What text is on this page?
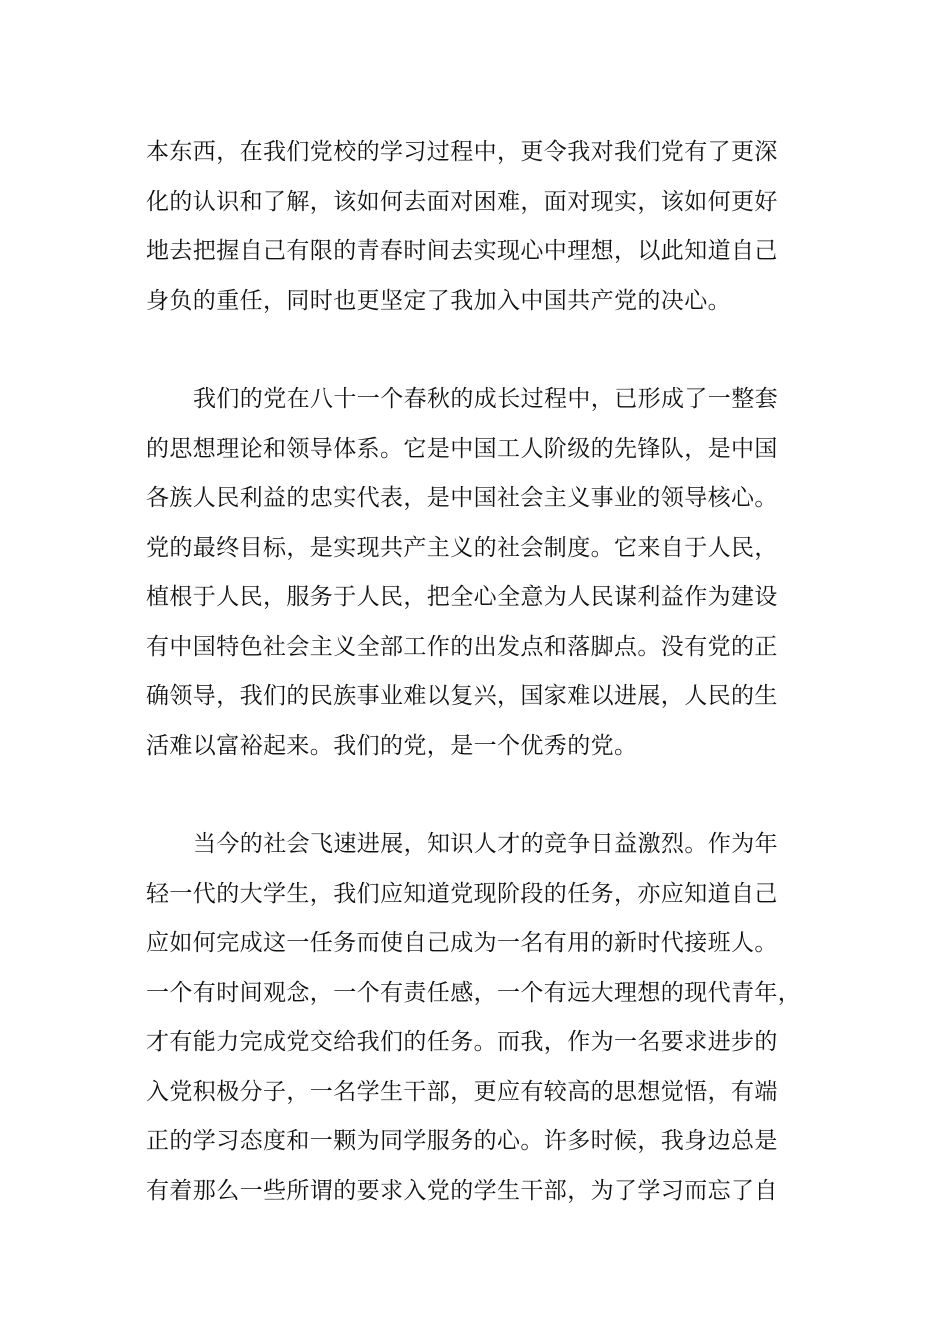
本东西，在我们党校的学习过程中，更令我对我们党有了更深
化的认识和了解，该如何去面对困难，面对现实，该如何更好
地去把握自己有限的青春时间去实现心中理想，以此知道自己
身负的重任，同时也更坚定了我加入中国共产党的决心。
我们的党在八十一个春秋的成长过程中，已形成了一整套
的思想理论和领导体系。它是中国工人阶级的先锋队，是中国
各族人民利益的忠实代表，是中国社会主义事业的领导核心。
党的最终目标，是实现共产主义的社会制度。它来自于人民，
植根于人民，服务于人民，把全心全意为人民谋利益作为建设
有中国特色社会主义全部工作的出发点和落脚点。没有党的正
确领导，我们的民族事业难以复兴，国家难以进展，人民的生
活难以富裕起来。我们的党，是一个优秀的党。
当今的社会飞速进展，知识人才的竞争日益激烈。作为年
轻一代的大学生，我们应知道党现阶段的任务，亦应知道自己
应如何完成这一任务而使自己成为一名有用的新时代接班人。
一个有时间观念，一个有责任感，一个有远大理想的现代青年，
才有能力完成党交给我们的任务。而我，作为一名要求进步的
入党积极分子，一名学生干部，更应有较高的思想觉悟，有端
正的学习态度和一颗为同学服务的心。许多时候，我身边总是
有着那么一些所谓的要求入党的学生干部，为了学习而忘了自
